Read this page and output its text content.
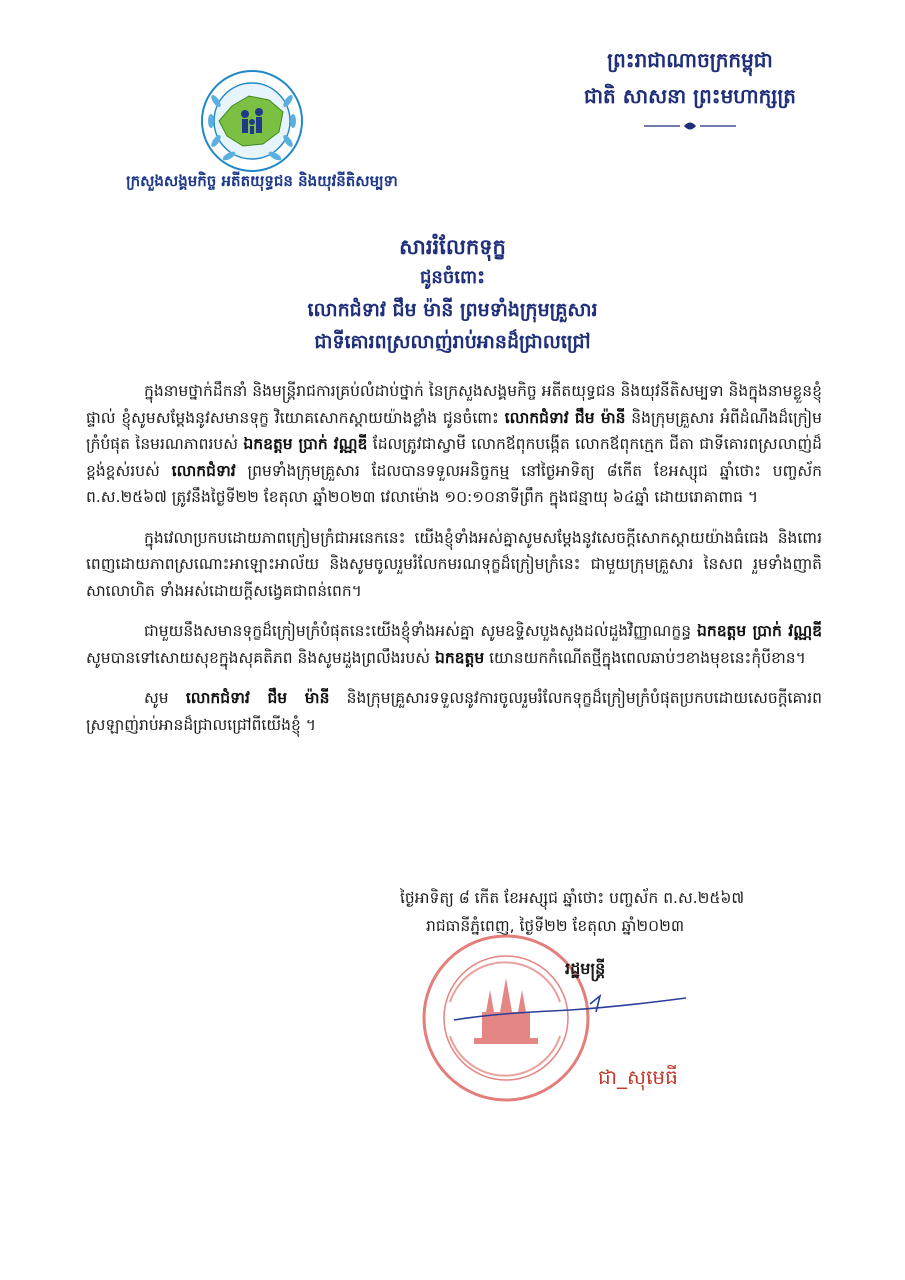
ក្រសួងសង្គមកិច្ច អតីតយុទ្ធជន និងយុវនីតិសម្បទា
ព្រះរាជាណាចក្រកម្ពុជា
ជាតិ សាសនា ព្រះមហាក្សត្រ
សាររំលែកទុក្ខ
ជូនចំពោះ
លោកជំទាវ ជឹម ម៉ានី ព្រមទាំងក្រុមគ្រួសារ
ជាទីគោរពស្រលាញ់រាប់អានដ៏ជ្រាលជ្រៅ

ក្នុងនាមថ្នាក់ដឹកនាំ និងមន្ត្រីរាជការគ្រប់លំដាប់ថ្នាក់ នៃក្រសួងសង្គមកិច្ច អតីតយុទ្ធជន និងយុវនីតិសម្បទា និងក្នុងនាមខ្លួនខ្ញុំផ្ទាល់ ខ្ញុំសូមសម្តែងនូវសមានទុក្ខ វិយោគសោកស្តាយយ៉ាងខ្លាំង ជូនចំពោះ លោកជំទាវ ជឹម ម៉ានី និងក្រុមគ្រួសារ អំពីដំណឹងដ៏ក្រៀមក្រំបំផុត នៃមរណភាពរបស់ ឯកឧត្តម ប្រាក់ វណ្ណឌី ដែលត្រូវជាស្វាមី លោកឪពុកបង្កើត លោកឪពុកក្មេក ជីតា ជាទីគោរពស្រលាញ់ដ៏ខ្ពង់ខ្ពស់របស់ លោកជំទាវ ព្រមទាំងក្រុមគ្រួសារ ដែលបានទទួលអនិច្ចកម្ម នៅថ្ងៃអាទិត្យ ៨កើត ខែអស្សុជ ឆ្នាំថោះ បញ្ចស័ក ព.ស.២៥៦៧ ត្រូវនឹងថ្ងៃទី២២ ខែតុលា ឆ្នាំ២០២៣ វេលាម៉ោង ១០:១០នាទីព្រឹក ក្នុងជន្មាយុ ៦៤ឆ្នាំ ដោយរោគាពាធ ។

ក្នុងវេលាប្រកបដោយភាពក្រៀមក្រំជាអនេកនេះ យើងខ្ញុំទាំងអស់គ្នាសូមសម្តែងនូវសេចក្តីសោកស្តាយយ៉ាងធំធេង និងពោរពេញដោយភាពស្រណោះអាឡោះអាល័យ និងសូមចូលរួមរំលែកមរណទុក្ខដ៏ក្រៀមក្រំនេះ ជាមួយក្រុមគ្រួសារ នៃសព រួមទាំងញាតិសាលោហិត ទាំងអស់ដោយក្តីសង្វេគជាពន់ពេក។

ជាមួយនឹងសមានទុក្ខដ៏ក្រៀមក្រំបំផុតនេះយើងខ្ញុំទាំងអស់គ្នា សូមឧទ្ទិសបួងសួងដល់ដួងវិញ្ញាណក្ខន្ធ ឯកឧត្តម ប្រាក់ វណ្ណឌី សូមបានទៅសោយសុខក្នុងសុគតិភព និងសូមដួងព្រលឹងរបស់ ឯកឧត្តម យោនយកកំណើតថ្មីក្នុងពេលឆាប់ៗខាងមុខនេះកុំបីខាន។

សូម លោកជំទាវ ជឹម ម៉ានី និងក្រុមគ្រួសារទទួលនូវការចូលរួមរំលែកទុក្ខដ៏ក្រៀមក្រំបំផុតប្រកបដោយសេចក្តីគោរពស្រឡាញ់រាប់អានដ៏ជ្រាលជ្រៅពីយើងខ្ញុំ ។

ថ្ងៃអាទិត្យ ៨ កើត ខែអស្សុជ ឆ្នាំថោះ បញ្ចស័ក ព.ស.២៥៦៧
រាជធានីភ្នំពេញ, ថ្ងៃទី២២ ខែតុលា ឆ្នាំ២០២៣
រដ្ឋមន្ត្រី
ជា_សុមេធី
